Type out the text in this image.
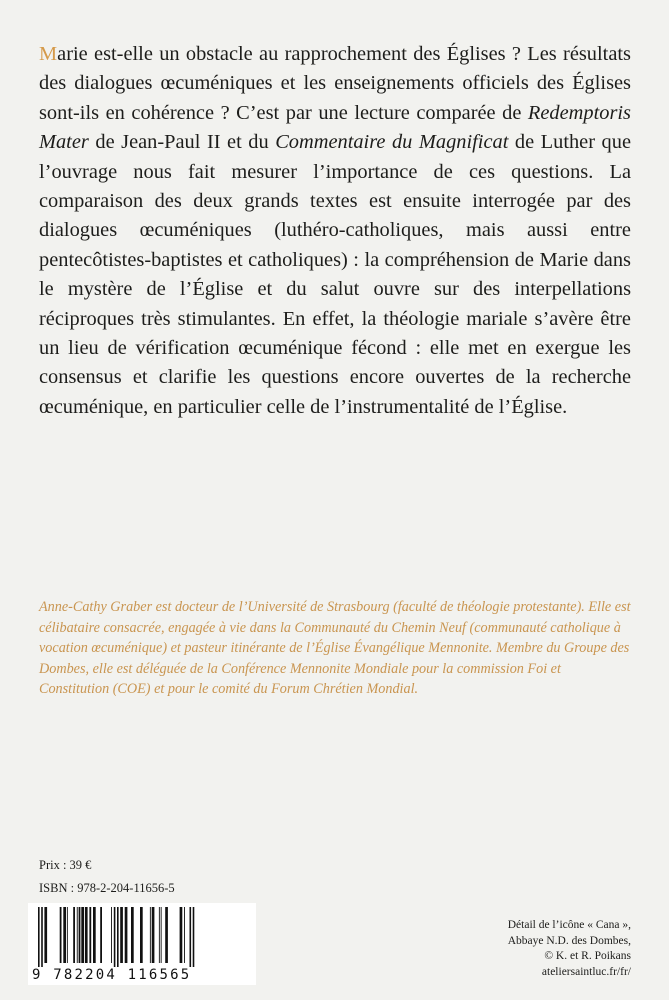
Marie est-elle un obstacle au rapprochement des Églises ? Les résultats des dialogues œcuméniques et les enseignements officiels des Églises sont-ils en cohérence ? C’est par une lecture comparée de Redemptoris Mater de Jean-Paul II et du Commentaire du Magnificat de Luther que l’ouvrage nous fait mesurer l’importance de ces questions. La comparaison des deux grands textes est ensuite interrogée par des dialogues œcuméniques (luthéro-catholiques, mais aussi entre pentecôtistes-baptistes et catholiques) : la compréhension de Marie dans le mystère de l’Église et du salut ouvre sur des interpellations réciproques très stimulantes. En effet, la théologie mariale s’avère être un lieu de vérification œcuménique fécond : elle met en exergue les consensus et clarifie les questions encore ouvertes de la recherche œcuménique, en particulier celle de l’instrumentalité de l’Église.

Anne-Cathy Graber est docteur de l’Université de Strasbourg (faculté de théologie protestante). Elle est célibataire consacrée, engagée à vie dans la Communauté du Chemin Neuf (communauté catholique à vocation œcuménique) et pasteur itinérante de l’Église Évangélique Mennonite. Membre du Groupe des Dombes, elle est déléguée de la Conférence Mennonite Mondiale pour la commission Foi et Constitution (COE) et pour le comité du Forum Chrétien Mondial.

Prix : 39 €

ISBN : 978-2-204-11656-5

9 782204 116565

Détail de l’icône « Cana »,
Abbaye N.D. des Dombes,
© K. et R. Poikans
ateliersaintluc.fr/fr/
